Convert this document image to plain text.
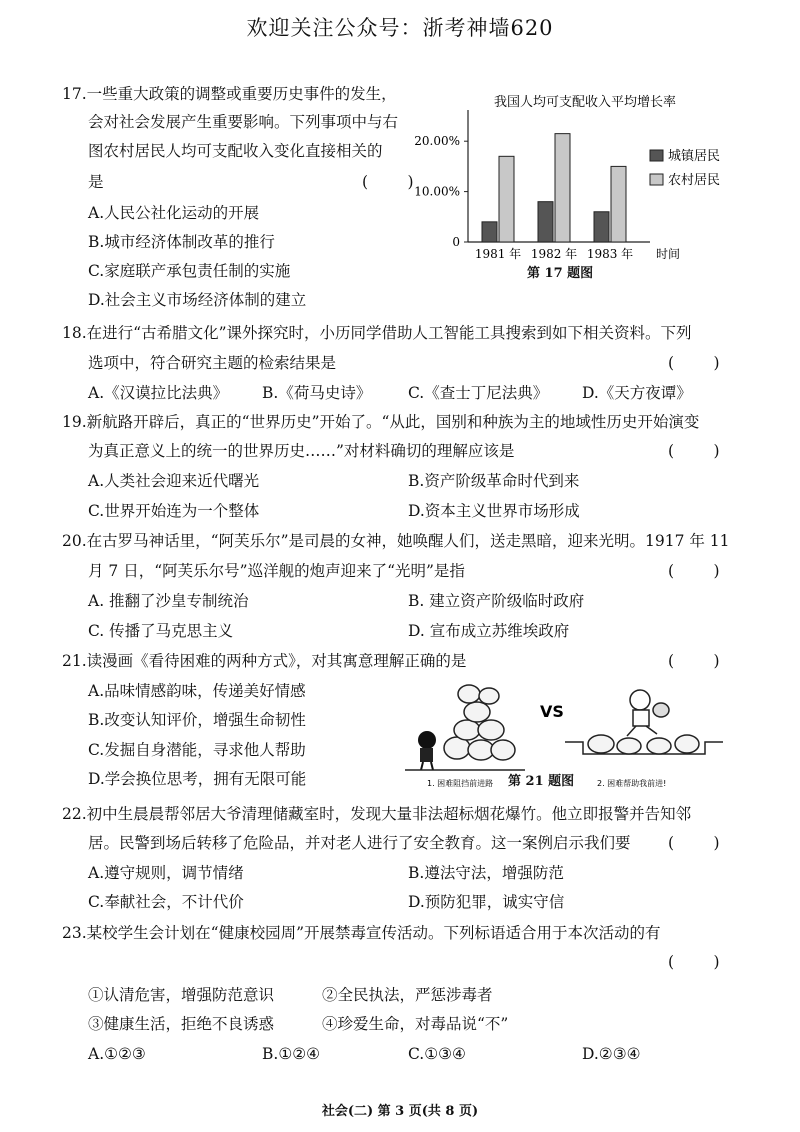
欢迎关注公众号：浙考神墙620
17.一些重大政策的调整或重要历史事件的发生，
会对社会发展产生重要影响。下列事项中与右
图农村居民人均可支配收入变化直接相关的
是	(        )
A.人民公社化运动的开展
B.城市经济体制改革的推行
C.家庭联产承包责任制的实施
D.社会主义市场经济体制的建立
我国人均可支配收入平均增长率
0
10.00%
20.00%
1981 年 1982 年 1983 年 时间
城镇居民
农村居民
第 17 题图
18.在进行“古希腊文化”课外探究时，小历同学借助人工智能工具搜索到如下相关资料。下列
选项中，符合研究主题的检索结果是	(        )
A.《汉谟拉比法典》 B.《荷马史诗》 C.《查士丁尼法典》 D.《天方夜谭》
19.新航路开辟后，真正的“世界历史”开始了。“从此，国别和种族为主的地域性历史开始演变
为真正意义上的统一的世界历史……”对材料确切的理解应该是	(        )
A.人类社会迎来近代曙光	B.资产阶级革命时代到来
C.世界开始连为一个整体	D.资本主义世界市场形成
20.在古罗马神话里，“阿芙乐尔”是司晨的女神，她唤醒人们，送走黑暗，迎来光明。1917 年 11
月 7 日，“阿芙乐尔号”巡洋舰的炮声迎来了“光明”是指	(        )
A. 推翻了沙皇专制统治	B. 建立资产阶级临时政府
C. 传播了马克思主义	D. 宣布成立苏维埃政府
21.读漫画《看待困难的两种方式》，对其寓意理解正确的是	(        )
A.品味情感韵味，传递美好情感
B.改变认知评价，增强生命韧性
C.发掘自身潜能，寻求他人帮助
D.学会换位思考，拥有无限可能
VS
1. 困难阻挡前进路	2. 困难帮助我前进!
第 21 题图
22.初中生晨晨帮邻居大爷清理储藏室时，发现大量非法超标烟花爆竹。他立即报警并告知邻
居。民警到场后转移了危险品，并对老人进行了安全教育。这一案例启示我们要 (        )
A.遵守规则，调节情绪	B.遵法守法，增强防范
C.奉献社会，不计代价	D.预防犯罪，诚实守信
23.某校学生会计划在“健康校园周”开展禁毒宣传活动。下列标语适合用于本次活动的有
(        )
①认清危害，增强防范意识	②全民执法，严惩涉毒者
③健康生活，拒绝不良诱惑	④珍爱生命，对毒品说“不”
A.①②③	B.①②④	C.①③④	D.②③④
社会(二) 第 3 页(共 8 页)
